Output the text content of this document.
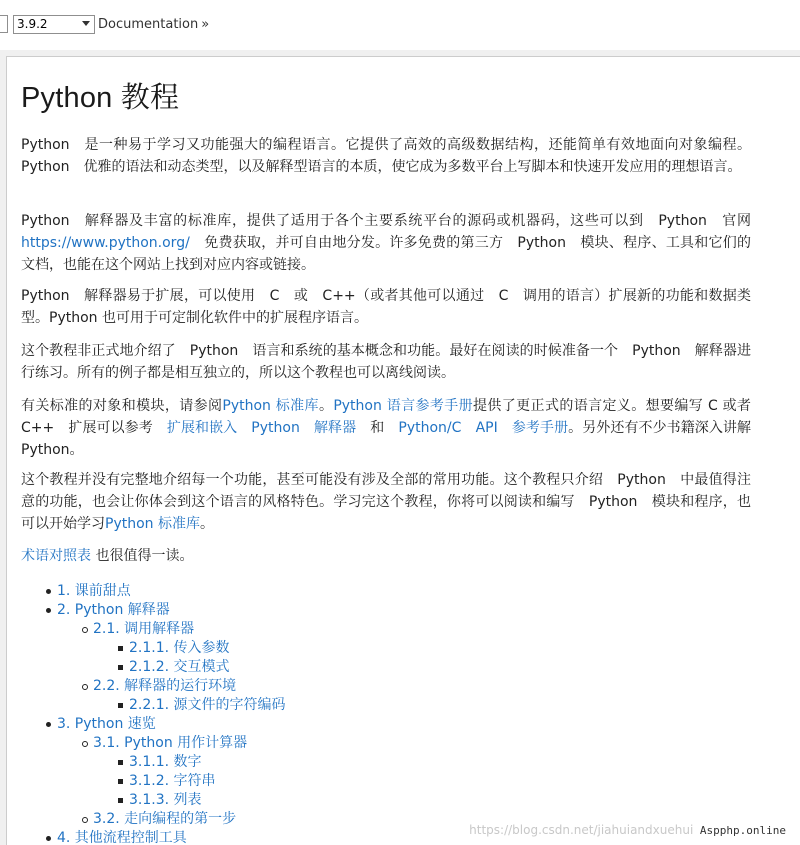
3.9.2	Documentation »
Python 教程

Python　是一种易于学习又功能强大的编程语言。它提供了高效的高级数据结构，还能简单有效地面向对象编程。Python　优雅的语法和动态类型，以及解释型语言的本质，使它成为多数平台上写脚本和快速开发应用的理想语言。

Python　解释器及丰富的标准库，提供了适用于各个主要系统平台的源码或机器码，这些可以到　Python　官网https://www.python.org/　免费获取，并可自由地分发。许多免费的第三方　Python　模块、程序、工具和它们的文档，也能在这个网站上找到对应内容或链接。

Python　解释器易于扩展，可以使用　C　或　C++（或者其他可以通过　C　调用的语言）扩展新的功能和数据类型。Python 也可用于可定制化软件中的扩展程序语言。

这个教程非正式地介绍了　Python　语言和系统的基本概念和功能。最好在阅读的时候准备一个　Python　解释器进行练习。所有的例子都是相互独立的，所以这个教程也可以离线阅读。

有关标准的对象和模块，请参阅Python 标准库。Python 语言参考手册提供了更正式的语言定义。想要编写 C 或者　C++　扩展可以参考　扩展和嵌入　Python　解释器　和　Python/C　API　参考手册。另外还有不少书籍深入讲解 Python。

这个教程并没有完整地介绍每一个功能，甚至可能没有涉及全部的常用功能。这个教程只介绍　Python　中最值得注意的功能，也会让你体会到这个语言的风格特色。学习完这个教程，你将可以阅读和编写　Python　模块和程序，也可以开始学习Python 标准库。

术语对照表 也很值得一读。

1. 课前甜点
2. Python 解释器
2.1. 调用解释器
2.1.1. 传入参数
2.1.2. 交互模式
2.2. 解释器的运行环境
2.2.1. 源文件的字符编码
3. Python 速览
3.1. Python 用作计算器
3.1.1. 数字
3.1.2. 字符串
3.1.3. 列表
3.2. 走向编程的第一步
4. 其他流程控制工具	https://blog.csdn.net/jiahuiandxuehui Aspphp.online
